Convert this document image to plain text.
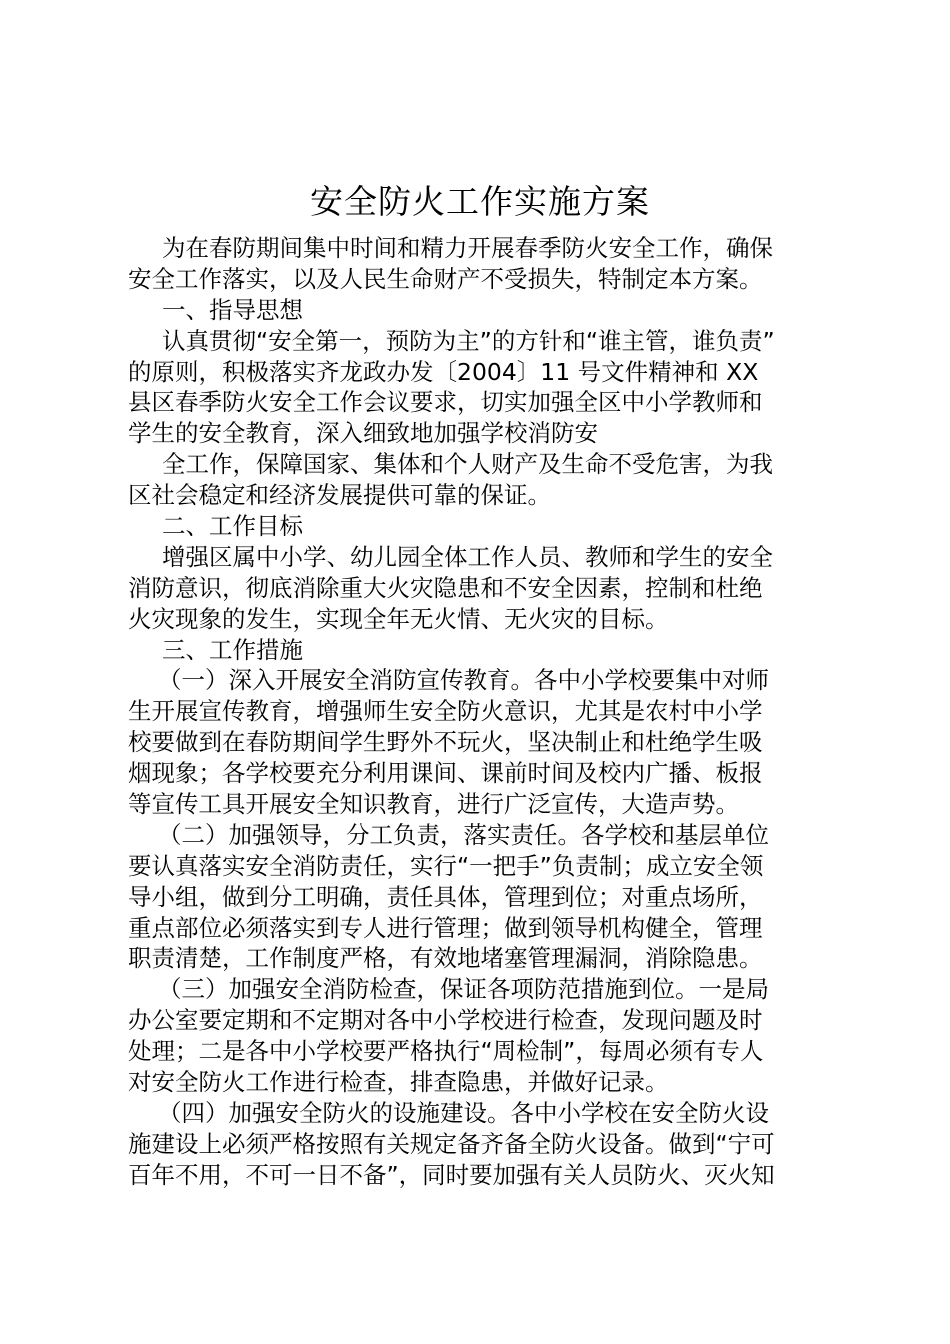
安全防火工作实施方案
为在春防期间集中时间和精力开展春季防火安全工作，确保
安全工作落实，以及人民生命财产不受损失，特制定本方案。
一、指导思想
认真贯彻“安全第一，预防为主”的方针和“谁主管，谁负责”
的原则，积极落实齐龙政办发〔2004〕11 号文件精神和 XX
县区春季防火安全工作会议要求，切实加强全区中小学教师和
学生的安全教育，深入细致地加强学校消防安
全工作，保障国家、集体和个人财产及生命不受危害，为我
区社会稳定和经济发展提供可靠的保证。
二、工作目标
增强区属中小学、幼儿园全体工作人员、教师和学生的安全
消防意识，彻底消除重大火灾隐患和不安全因素，控制和杜绝
火灾现象的发生，实现全年无火情、无火灾的目标。
三、工作措施
（一）深入开展安全消防宣传教育。各中小学校要集中对师
生开展宣传教育，增强师生安全防火意识，尤其是农村中小学
校要做到在春防期间学生野外不玩火，坚决制止和杜绝学生吸
烟现象；各学校要充分利用课间、课前时间及校内广播、板报
等宣传工具开展安全知识教育，进行广泛宣传，大造声势。
（二）加强领导，分工负责，落实责任。各学校和基层单位
要认真落实安全消防责任，实行“一把手”负责制；成立安全领
导小组，做到分工明确，责任具体，管理到位；对重点场所，
重点部位必须落实到专人进行管理；做到领导机构健全，管理
职责清楚，工作制度严格，有效地堵塞管理漏洞，消除隐患。
（三）加强安全消防检查，保证各项防范措施到位。一是局
办公室要定期和不定期对各中小学校进行检查，发现问题及时
处理；二是各中小学校要严格执行“周检制”，每周必须有专人
对安全防火工作进行检查，排查隐患，并做好记录。
（四）加强安全防火的设施建设。各中小学校在安全防火设
施建设上必须严格按照有关规定备齐备全防火设备。做到“宁可
百年不用，不可一日不备”，同时要加强有关人员防火、灭火知
